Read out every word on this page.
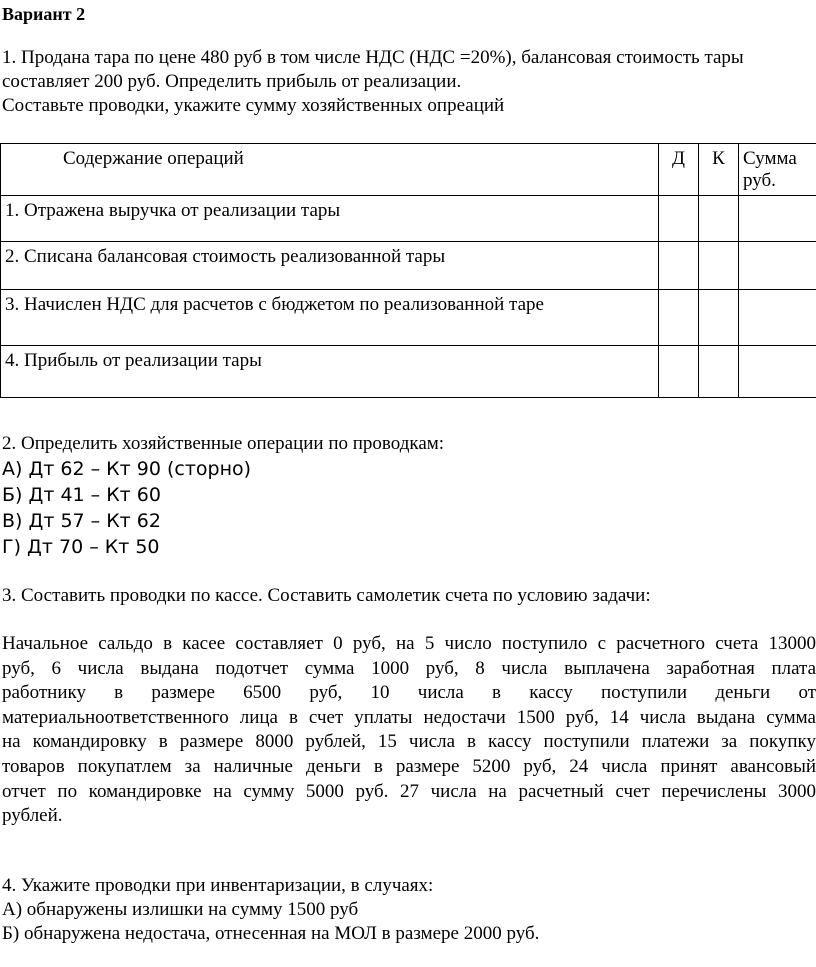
Вариант 2
1. Продана тара по цене 480 руб в том числе НДС (НДС =20%), балансовая стоимость тары
составляет 200 руб. Определить прибыль от реализации.
Составьте проводки, укажите сумму хозяйственных опреаций
Содержание операций	Д	К	Сумма
руб.

1. Отражена выручка от реализации тары			
2. Списана балансовая стоимость реализованной тары			
3. Начислен НДС для расчетов с бюджетом по реализованной таре			
4. Прибыль от реализации тары			
2. Определить хозяйственные операции по проводкам:
А) Дт 62 – Кт 90 (сторно)
Б) Дт 41 – Кт 60
В) Дт 57 – Кт 62
Г) Дт 70 – Кт 50
3. Составить проводки по кассе. Составить самолетик счета по условию задачи:
Начальное сальдо в касее составляет 0 руб, на 5 число поступило с расчетного счета 13000
руб, 6 числа выдана подотчет сумма 1000 руб, 8 числа выплачена заработная плата
работнику в размере 6500 руб, 10 числа в кассу поступили деньги от
материальноответственного лица в счет уплаты недостачи 1500 руб, 14 числа выдана сумма
на командировку в размере 8000 рублей, 15 числа в кассу поступили платежи за покупку
товаров покупатлем за наличные деньги в размере 5200 руб, 24 числа принят авансовый
отчет по командировке на сумму 5000 руб. 27 числа на расчетный счет перечислены 3000
рублей.
4. Укажите проводки при инвентаризации, в случаях:
А) обнаружены излишки на сумму 1500 руб
Б) обнаружена недостача, отнесенная на МОЛ в размере 2000 руб.
